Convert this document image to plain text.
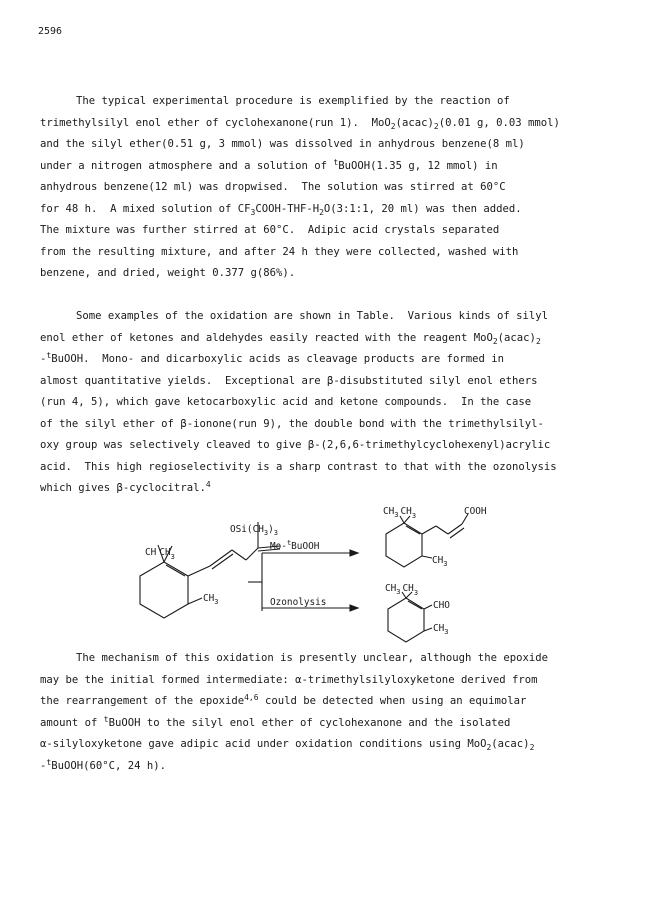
2596
The typical experimental procedure is exemplified by the reaction of
trimethylsilyl enol ether of cyclohexanone(run 1).  $MoO_2(acac)_2(0.01$ g, 0.03 mmol)
and the silyl ether(0.51 g, 3 mmol) was dissolved in anhydrous benzene(8 ml)
under a nitrogen atmosphere and a solution of $^t$BuOOH(1.35 g, 12 mmol) in
anhydrous benzene(12 ml) was dropwised.  The solution was stirred at 60°C
for 48 h.  A mixed solution of $CF_3COOH-THF-H_2O(3:1:1$, 20 ml) was then added.
The mixture was further stirred at 60°C.  Adipic acid crystals separated
from the resulting mixture, and after 24 h they were collected, washed with
benzene, and dried, weight 0.377 g(86%).
Some examples of the oxidation are shown in Table.  Various kinds of silyl
enol ether of ketones and aldehydes easily reacted with the reagent $MoO_2(acac)_2$
-$^t$BuOOH.  Mono- and dicarboxylic acids as cleavage products are formed in
almost quantitative yields.  Exceptional are β-disubstituted silyl enol ethers
(run 4, 5), which gave ketocarboxylic acid and ketone compounds.  In the case
of the silyl ether of β-ionone(run 9), the double bond with the trimethylsilyl-
oxy group was selectively cleaved to give β-(2,6,6-trimethylcyclohexenyl)acrylic
acid.  This high regioselectivity is a sharp contrast to that with the ozonolysis
which gives β-cyclocitral.$^4$
The mechanism of this oxidation is presently unclear, although the epoxide
may be the initial formed intermediate: α-trimethylsilyloxyketone derived from
the rearrangement of the epoxide$^{4,6}$ could be detected when using an equimolar
amount of $^t$BuOOH to the silyl enol ether of cyclohexanone and the isolated
α-silyloxyketone gave adipic acid under oxidation conditions using $MoO_2(acac)_2$
-$^t$BuOOH(60°C, 24 h).
$OSi(CH_3)_3$
CH $CH_3$
$CH_3$
Mo-$^t$BuOOH
Ozonolysis
$CH_3$ $CH_3$	COOH
$CH_3$
$CH_3$ $CH_3$
CHO
$CH_3$
